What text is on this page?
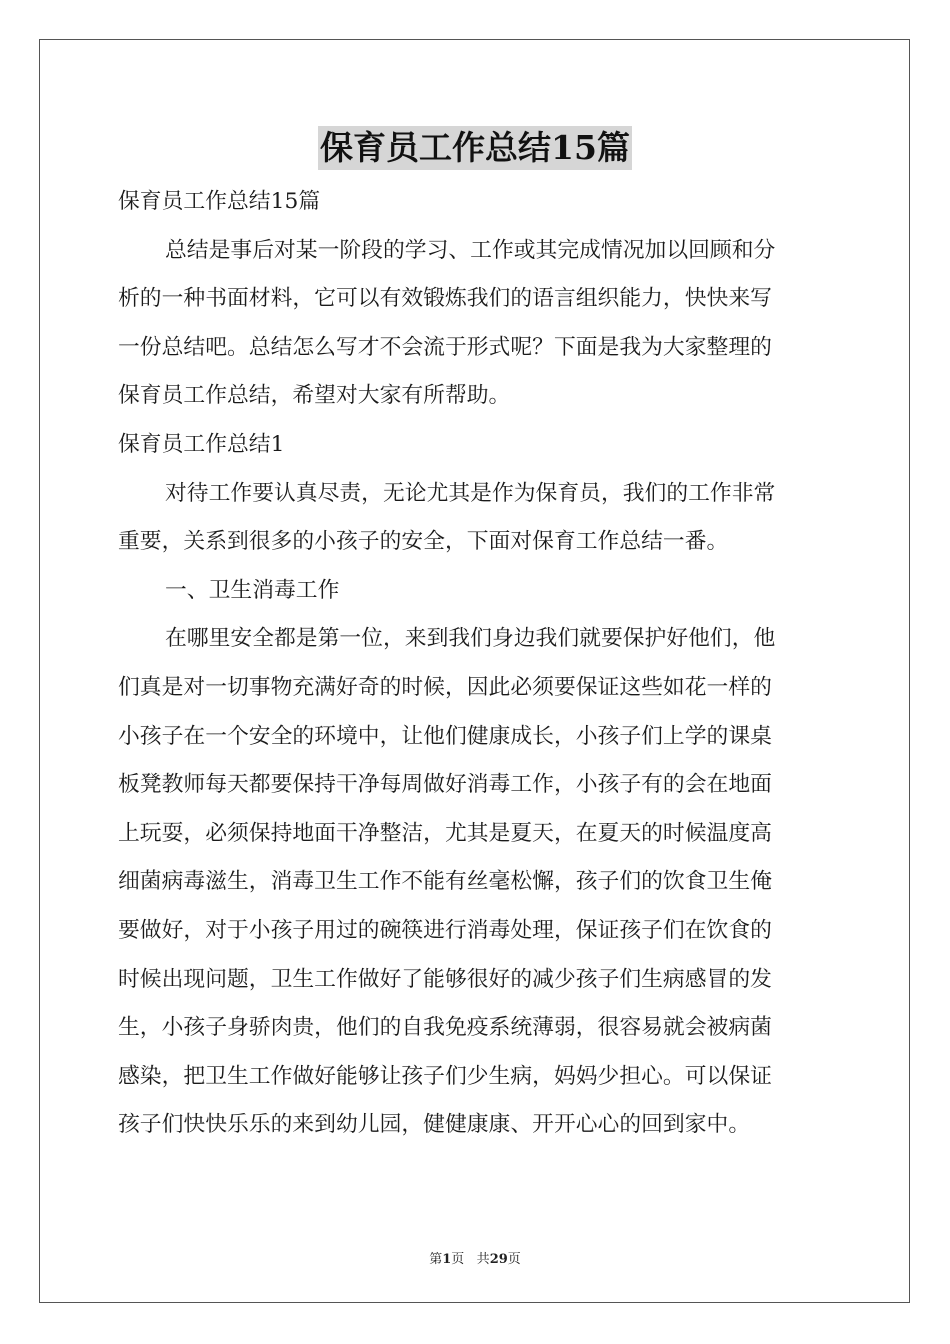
保育员工作总结15篇
保育员工作总结15篇
总结是事后对某一阶段的学习、工作或其完成情况加以回顾和分
析的一种书面材料，它可以有效锻炼我们的语言组织能力，快快来写
一份总结吧。总结怎么写才不会流于形式呢？下面是我为大家整理的
保育员工作总结，希望对大家有所帮助。
保育员工作总结1
对待工作要认真尽责，无论尤其是作为保育员，我们的工作非常
重要，关系到很多的小孩子的安全，下面对保育工作总结一番。
一、卫生消毒工作
在哪里安全都是第一位，来到我们身边我们就要保护好他们，他
们真是对一切事物充满好奇的时候，因此必须要保证这些如花一样的
小孩子在一个安全的环境中，让他们健康成长，小孩子们上学的课桌
板凳教师每天都要保持干净每周做好消毒工作，小孩子有的会在地面
上玩耍，必须保持地面干净整洁，尤其是夏天，在夏天的时候温度高
细菌病毒滋生，消毒卫生工作不能有丝毫松懈，孩子们的饮食卫生俺
要做好，对于小孩子用过的碗筷进行消毒处理，保证孩子们在饮食的
时候出现问题，卫生工作做好了能够很好的减少孩子们生病感冒的发
生，小孩子身骄肉贵，他们的自我免疫系统薄弱，很容易就会被病菌
感染，把卫生工作做好能够让孩子们少生病，妈妈少担心。可以保证
孩子们快快乐乐的来到幼儿园，健健康康、开开心心的回到家中。
第1页 共29页
